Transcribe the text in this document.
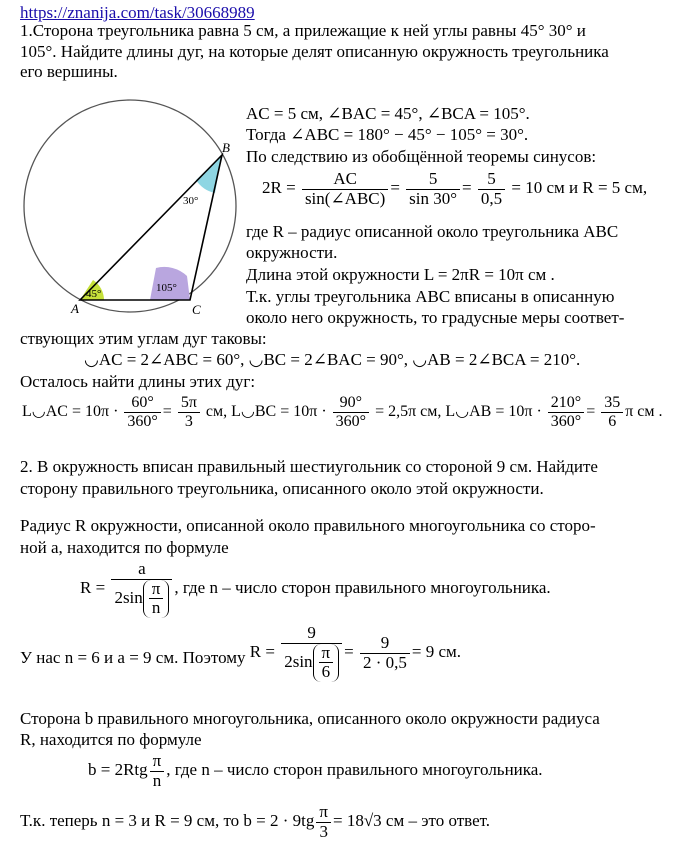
https://znanija.com/task/30668989
1.Сторона треугольника равна 5 см, а прилежащие к ней углы равны 45° 30° и
105°. Найдите длины дуг, на которые делят описанную окружность треугольника
его вершины.
A
B
C
45°
30°
105°
AC = 5 см, ∠BAC = 45°, ∠BCA = 105°.
Тогда ∠ABC = 180° − 45° − 105° = 30°.
По следствию из обобщённой теоремы синусов:
$2R = \frac{AC}{\text{sin(∠ABC)}} = \frac{5}{\sin 30^\circ} = \frac{5}{0,5} = 10$ см и R = 5 см,
где R – радиус описанной около треугольника ABC
окружности.
Длина этой окружности L = 2πR = 10π см .
Т.к. углы треугольника ABC вписаны в описанную
около него окружность, то градусные меры соответ-
ствующих этим углам дуг таковы:
◡AC = 2∠ABC = 60°, ◡BC = 2∠BAC = 90°, ◡AB = 2∠BCA = 210°.
Осталось найти длины этих дуг:
L◡AC = $10\pi \cdot \frac{60^\circ}{360^\circ} = \frac{5\pi}{3}$ см, L◡BC = $10\pi \cdot \frac{90^\circ}{360^\circ} = 2,5\pi$ см, L◡AB = $10\pi \cdot \frac{210^\circ}{360^\circ} = \frac{35}{6}$ π см .
2. В окружность вписан правильный шестиугольник со стороной 9 см. Найдите
сторону правильного треугольника, описанного около этой окружности.
Радиус R окружности, описанной около правильного многоугольника со сторо-
ной a, находится по формуле
$R = \frac{a}{2\sin \frac{\pi}{n}}$ , где n – число сторон правильного многоугольника.
У нас n = 6 и a = 9 см. Поэтому $R = \frac{9}{2\sin \frac{\pi}{6}} = \frac{9}{2 \cdot 0,5} = 9$ см.
Сторона b правильного многоугольника, описанного около окружности радиуса
R, находится по формуле
$b = 2Rtg \frac{\pi}{n}$ , где n – число сторон правильного многоугольника.
Т.к. теперь n = 3 и R = 9 см, то $b = 2 \cdot 9tg \frac{\pi}{3} = 18√3$ см – это ответ.
